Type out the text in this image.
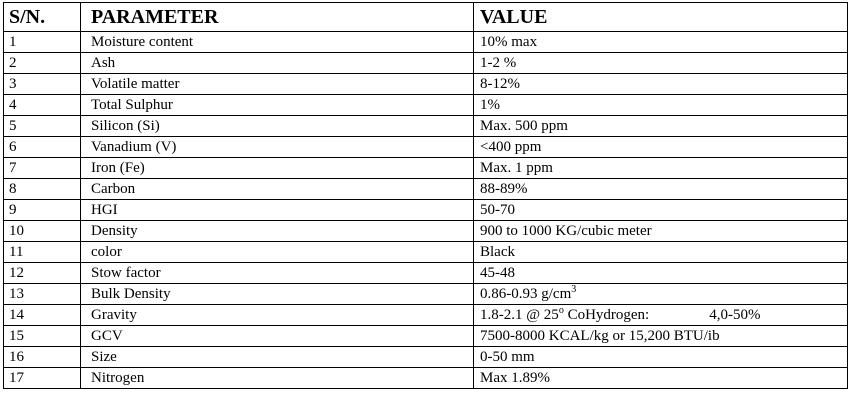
S/N.	PARAMETER	VALUE
1	Moisture content	10% max
2	Ash	1-2 %
3	Volatile matter	8-12%
4	Total Sulphur	1%
5	Silicon (Si)	Max. 500 ppm
6	Vanadium (V)	<400 ppm
7	Iron (Fe)	Max. 1 ppm
8	Carbon	88-89%
9	HGI	50-70
10	Density	900 to 1000 KG/cubic meter
11	color	Black
12	Stow factor	45-48
13	Bulk Density	0.86-0.93 $g/cm^3$
14	Gravity	1.8-2.1 @ 25$^o$ CoHydrogen: 4,0-50%
15	GCV	7500-8000 KCAL/kg or 15,200 BTU/ib
16	Size	0-50 mm
17	Nitrogen	Max 1.89%
